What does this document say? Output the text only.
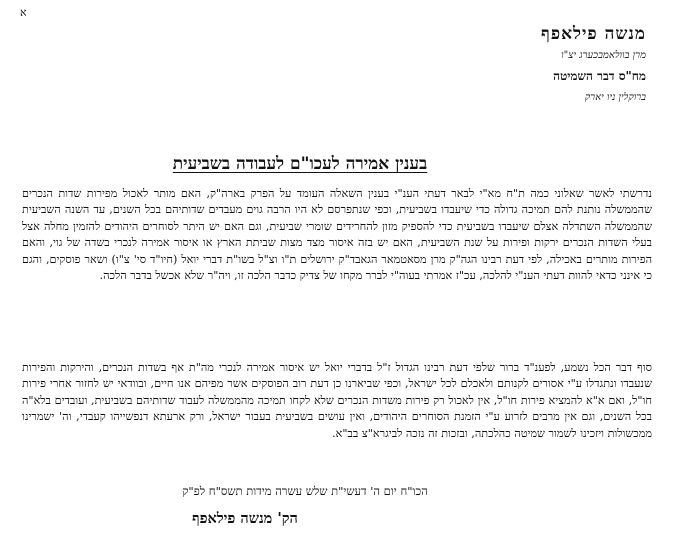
א
מנשה פילאפף
מרן בוולאמבכערג יצ"ו
מח"ס דבר השמיטה
ברוקלין ניו יארק
בענין אמירה לעכו"ם לעבודה בשביעית
נדרשתי לאשר שאלוני כמה ת"ח מא"י לבאר דעתי הענ"י בענין השאלה העומד על הפרק בארה"ק, האם מותר לאכול מפירות שדות הנכרים שהממשלה נותנת להם תמיכה גדולה כדי שיעבדו בשביעית, וכפי שנתפרסם לא היו הרבה גוים מעבדים שדותיהם בכל השנים, עד השנה השביעית שהממשלה השתדלה אצלם שיעבדו בשביעית כדי להספיק מזון להחרידים שומרי שביעית, וגם האם יש היתר לסוחרים היהודים להזמין מחלה אצל בעלי השדות הנכרים ירקות ופירות על שנת השביעית, האם יש בזה איסור מצד מצות שביתת הארץ או איסור אמירה לנכרי בשדה של גוי, והאם הפירות מותרים באכילה, לפי דעת רבינו הגה"ק מרן מסאטמאר הגאבד"ק ירושלים ת"ו וצ"ל בשו"ת דברי יואל (חיו"ד סי' צ"ו) ושאר פוסקים, והגם כי אינני כדאי להוות דעתי הענ"י להלכה, עכ"ז אמרתי בעוה"י לברר מקחו של צדיק כדבר הלכה זו, ויה"ר שלא אכשל בדבר הלכה.
סוף דבר הכל נשמע, לפענ"ד ברור שלפי דעת רבינו הגדול ז"ל בדברי יואל יש איסור אמירה לנכרי מה"ת אף בשדות הנכרים, והירקות והפירות שנעבדו ונתגדלו ע"י אסורים לקנותם ולאכלם לכל ישראל, וכפי שביארנו כן דעת רוב הפוסקים אשר מפיהם אנו חיים, ובוודאי יש לחזור אחרי פירות חו"ל, ואם א"א להמציא פירות חו"ל, אין לאכול רק פירות משדות הנכרים שלא לקחו תמיכה מהממשלה לעבוד שדותיהם בשביעית, ועובדים בלא"ה בכל השנים, וגם אין מרבים לזרוע ע"י הזמנת הסוחרים היהודים, ואין עושים בשביעית בעבור ישראל, ורק ארעתא דנפשייהו קעבדי, וה' ישמרינו ממכשולות ויזכינו לשמור שמיטה כהלכתה, ובזכות זה נזכה לביגרא"צ בב"א.
הכו"ח יום ה' דעשי"ת שלש עשרה מידות תשס"ח לפ"ק
הק' מנשה פילאפף
